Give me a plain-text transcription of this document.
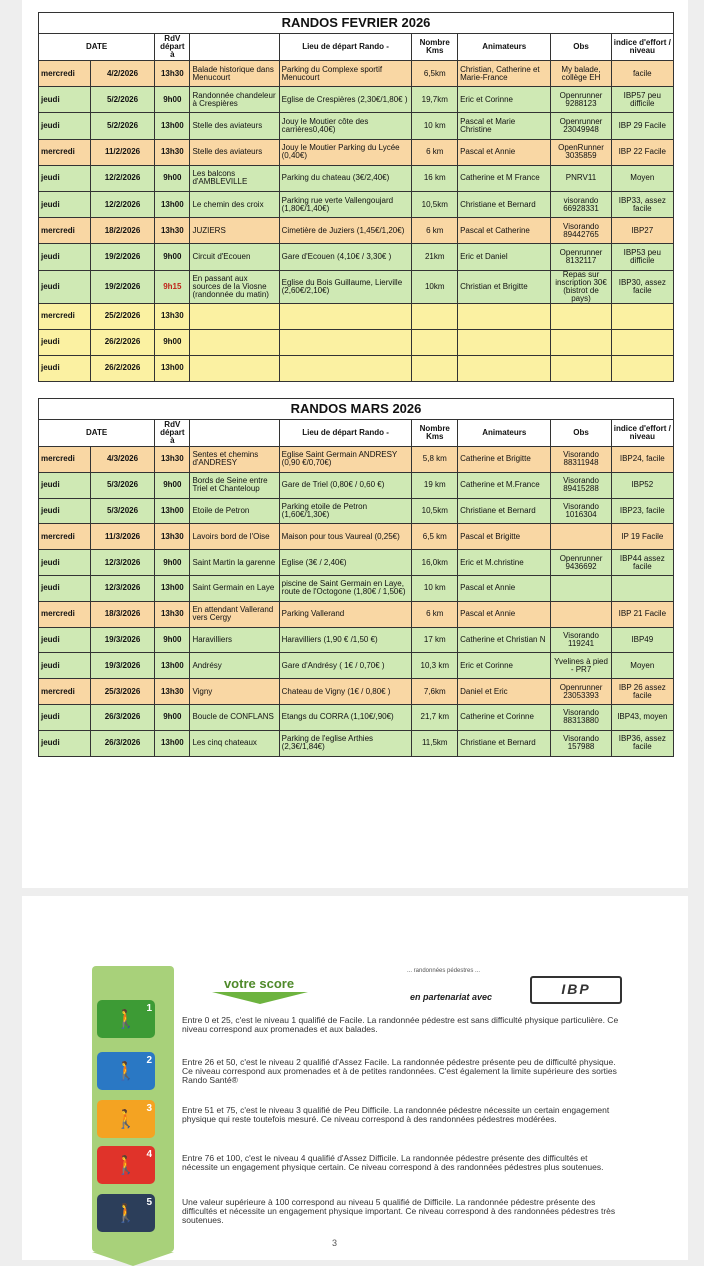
RANDOS FEVRIER 2026								
DATE		RdV départ à		Lieu de départ Rando -	Nombre Kms	Animateurs	Obs	indice d'effort / niveau
mercredi	4/2/2026	13h30	Balade historique dans Menucourt	Parking du Complexe sportif Menucourt	6,5km	Christian, Catherine et Marie-France	My balade, collège EH	facile
jeudi	5/2/2026	9h00	Randonnée chandeleur à Crespières	Eglise de Crespières (2,30€/1,80€ )	19,7km	Eric et Corinne	Openrunner 9288123	IBP57 peu difficile
jeudi	5/2/2026	13h00	Stelle des aviateurs	Jouy le Moutier côte des carrières0,40€)	10 km	Pascal et Marie Christine	Openrunner 23049948	IBP 29 Facile
mercredi	11/2/2026	13h30	Stelle des aviateurs	Jouy le Moutier Parking du Lycée (0,40€)	6 km	Pascal et Annie	OpenRunner 3035859	IBP 22 Facile
jeudi	12/2/2026	9h00	Les balcons d'AMBLEVILLE	Parking du chateau (3€/2,40€)	16 km	Catherine et M France	PNRV11	Moyen
jeudi	12/2/2026	13h00	Le chemin des croix	Parking rue verte Vallengoujard (1,80€/1,40€)	10,5km	Christiane et Bernard	visorando 66928331	IBP33, assez facile
mercredi	18/2/2026	13h30	JUZIERS	Cimetière de Juziers (1,45€/1,20€)	6 km	Pascal et Catherine	Visorando 89442765	IBP27
jeudi	19/2/2026	9h00	Circuit d'Ecouen	Gare d'Ecouen (4,10€ / 3,30€ )	21km	Eric et Daniel	Openrunner 8132117	IBP53 peu difficile
jeudi	19/2/2026	9h15	En passant aux sources de la Viosne (randonnée du matin)	Eglise du Bois Guillaume, Lierville (2,60€/2,10€)	10km	Christian et Brigitte	Repas sur inscription 30€ (bistrot de pays)	IBP30, assez facile
mercredi	25/2/2026	13h30						
jeudi	26/2/2026	9h00						
jeudi	26/2/2026	13h00						
RANDOS MARS 2026								
DATE		RdV départ à		Lieu de départ Rando -	Nombre Kms	Animateurs	Obs	indice d'effort / niveau
mercredi	4/3/2026	13h30	Sentes et chemins d'ANDRESY	Eglise Saint Germain ANDRESY (0,90 €/0,70€)	5,8 km	Catherine et Brigitte	Visorando 88311948	IBP24, facile
jeudi	5/3/2026	9h00	Bords de Seine entre Triel et Chanteloup	Gare de Triel (0,80€ / 0,60 €)	19 km	Catherine et M.France	Visorando 89415288	IBP52
jeudi	5/3/2026	13h00	Etoile de Petron	Parking etoile de Petron (1,60€/1,30€)	10,5km	Christiane et Bernard	Visorando 1016304	IBP23, facile
mercredi	11/3/2026	13h30	Lavoirs bord de l'Oise	Maison pour tous Vaureal (0,25€)	6,5 km	Pascal et Brigitte		IP 19 Facile
jeudi	12/3/2026	9h00	Saint Martin la garenne	Eglise (3€ / 2,40€)	16,0km	Eric et M.christine	Openrunner 9436692	IBP44 assez facile
jeudi	12/3/2026	13h00	Saint Germain en Laye	piscine de Saint Germain en Laye, route de l'Octogone (1,80€ / 1,50€)	10 km	Pascal et Annie		
mercredi	18/3/2026	13h30	En attendant Vallerand vers Cergy	Parking Vallerand	6 km	Pascal et Annie		IBP 21 Facile
jeudi	19/3/2026	9h00	Haravilliers	Haravilliers (1,90 € /1,50 €)	17 km	Catherine et Christian N	Visorando 119241	IBP49
jeudi	19/3/2026	13h00	Andrésy	Gare d'Andrésy ( 1€ / 0,70€ )	10,3 km	Eric et Corinne	Yvelines à pied - PR7	Moyen
mercredi	25/3/2026	13h30	Vigny	Chateau de Vigny (1€ / 0,80€ )	7,6km	Daniel et Eric	Openrunner 23053393	IBP 26 assez facile
jeudi	26/3/2026	9h00	Boucle de CONFLANS	Etangs du CORRA (1,10€/,90€)	21,7 km	Catherine et Corinne	Visorando 88313880	IBP43, moyen
jeudi	26/3/2026	13h00	Les cinq chateaux	Parking de l'eglise Arthies (2,3€/1,84€)	11,5km	Christiane et Bernard	Visorando 157988	IBP36, assez facile
votre score
... randonnées pédestres ...
en partenariat avec	IBP
🚶
1
Entre 0 et 25, c'est le niveau 1 qualifié de Facile. La randonnée pédestre est sans difficulté physique particulière. Ce niveau correspond aux promenades et aux balades.
🚶
2	Entre 26 et 50, c'est le niveau 2 qualifié d'Assez Facile. La randonnée pédestre présente peu de difficulté physique. Ce niveau correspond aux promenades et à de petites randonnées. C'est également la limite supérieure des sorties Rando Santé®
🚶
3	Entre 51 et 75, c'est le niveau 3 qualifié de Peu Difficile. La randonnée pédestre nécessite un certain engagement physique qui reste toutefois mesuré. Ce niveau correspond à des randonnées pédestres modérées.
🚶
4	Entre 76 et 100, c'est le niveau 4 qualifié d'Assez Difficile. La randonnée pédestre présente des difficultés et nécessite un engagement physique certain. Ce niveau correspond à des randonnées pédestres plus soutenues.
🚶
5	Une valeur supérieure à 100 correspond au niveau 5 qualifié de Difficile. La randonnée pédestre présente des difficultés et nécessite un engagement physique important. Ce niveau correspond à des randonnées pédestres très soutenues.
3
